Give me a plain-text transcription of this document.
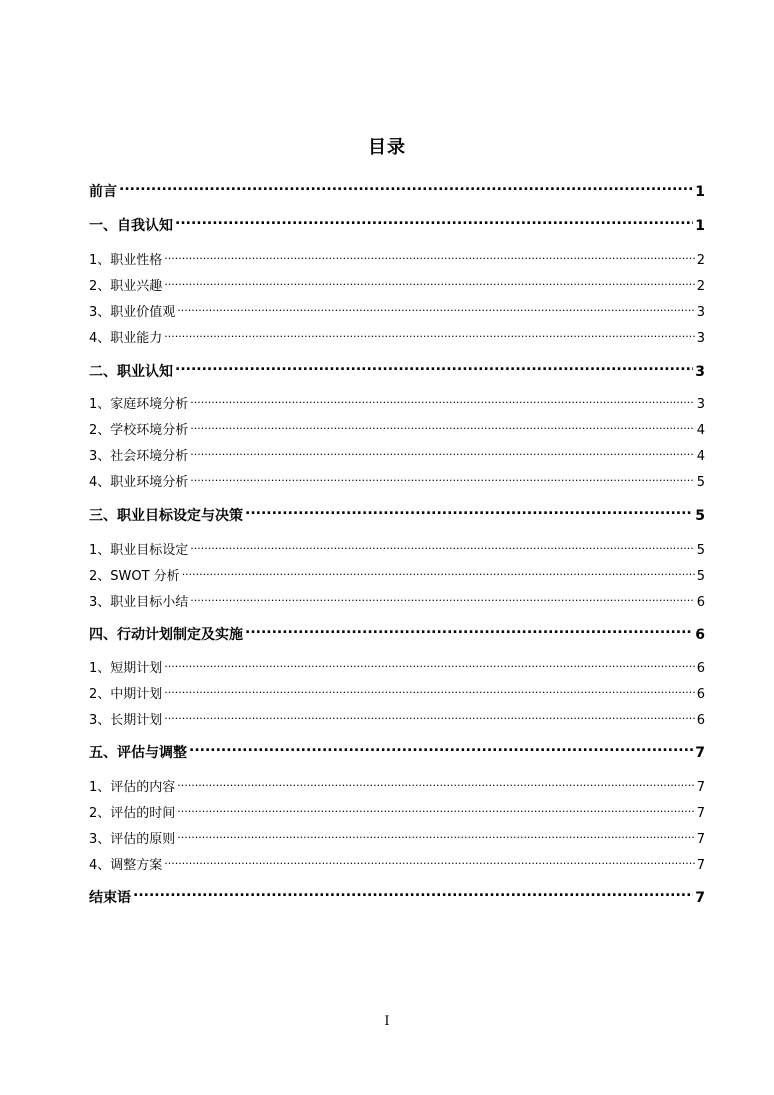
目录
前言 .....	1
一、自我认知 .....	1
1、职业性格 .....	2
2、职业兴趣 .....	2
3、职业价值观 .....	3
4、职业能力 .....	3
二、职业认知 .....	3
1、家庭环境分析 .....	3
2、学校环境分析 .....	4
3、社会环境分析 .....	4
4、职业环境分析 .....	5
三、职业目标设定与决策 .....	5
1、职业目标设定 .....	5
2、SWOT 分析 .....	5
3、职业目标小结 .....	6
四、行动计划制定及实施 .....	6
1、短期计划 .....	6
2、中期计划 .....	6
3、长期计划 .....	6
五、评估与调整 .....	7
1、评估的内容 .....	7
2、评估的时间 .....	7
3、评估的原则 .....	7
4、调整方案 .....	7
结束语 .....	7
I
